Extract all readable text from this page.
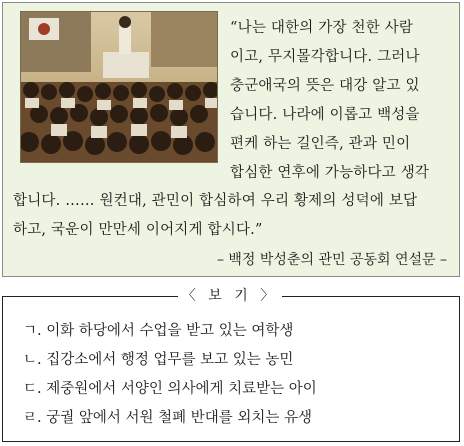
“나는 대한의 가장 천한 사람
이고, 무지몰각합니다. 그러나
충군애국의 뜻은 대강 알고 있
습니다. 나라에 이롭고 백성을
편케 하는 길인즉, 관과 민이
합심한 연후에 가능하다고 생각
합니다. …… 원컨대, 관민이 합심하여 우리 황제의 성덕에 보답
하고, 국운이 만만세 이어지게 합시다.”
– 백정 박성춘의 관민 공동회 연설문 –
ㄱ. 이화 하당에서 수업을 받고 있는 여학생
ㄴ. 집강소에서 행정 업무를 보고 있는 농민
ㄷ. 제중원에서 서양인 의사에게 치료받는 아이
ㄹ. 궁궐 앞에서 서원 철폐 반대를 외치는 유생
〈 보 기 〉
